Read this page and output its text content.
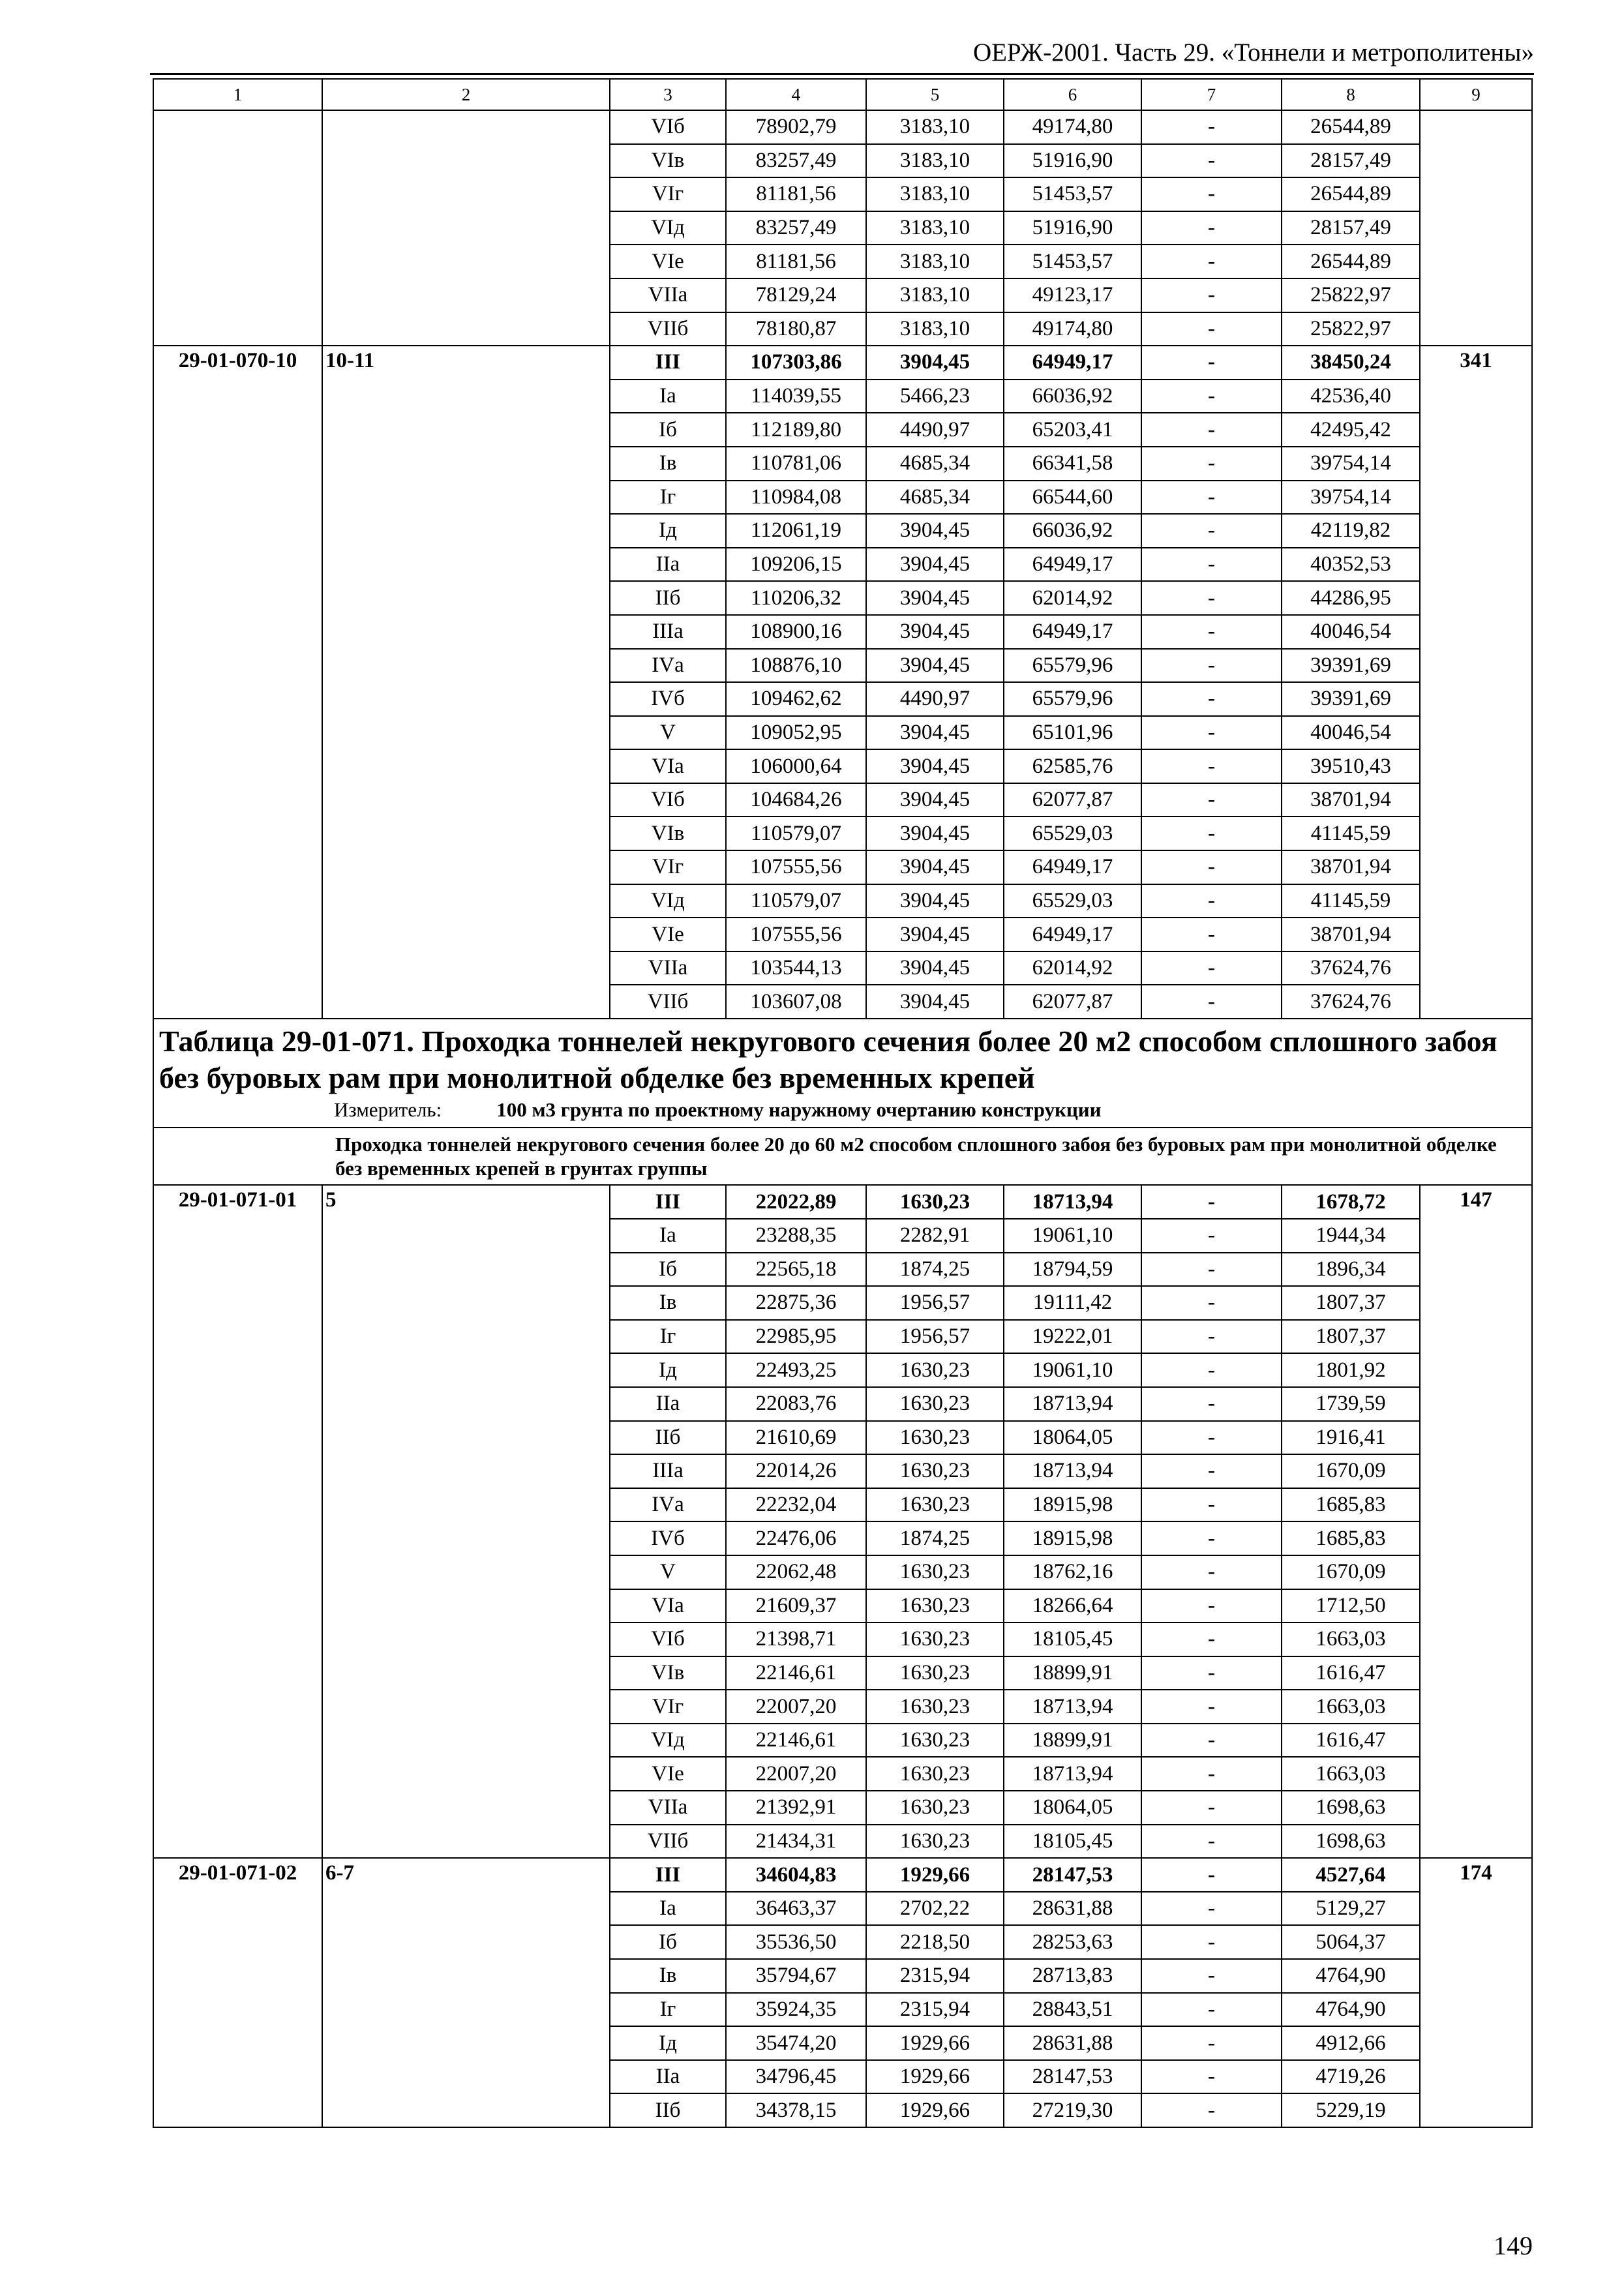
ОЕРЖ-2001. Часть 29. «Тоннели и метрополитены»
1	2	3	4	5	6	7	8	9
		VIб	78902,79	3183,10	49174,80	-	26544,89	
		VIв	83257,49	3183,10	51916,90	-	28157,49	
		VIг	81181,56	3183,10	51453,57	-	26544,89	
		VIд	83257,49	3183,10	51916,90	-	28157,49	
		VIе	81181,56	3183,10	51453,57	-	26544,89	
		VIIа	78129,24	3183,10	49123,17	-	25822,97	
		VIIб	78180,87	3183,10	49174,80	-	25822,97	
29-01-070-10	10-11	III	107303,86	3904,45	64949,17	-	38450,24	341
		Iа	114039,55	5466,23	66036,92	-	42536,40	
		Iб	112189,80	4490,97	65203,41	-	42495,42	
		Iв	110781,06	4685,34	66341,58	-	39754,14	
		Iг	110984,08	4685,34	66544,60	-	39754,14	
		Iд	112061,19	3904,45	66036,92	-	42119,82	
		IIа	109206,15	3904,45	64949,17	-	40352,53	
		IIб	110206,32	3904,45	62014,92	-	44286,95	
		IIIа	108900,16	3904,45	64949,17	-	40046,54	
		IVа	108876,10	3904,45	65579,96	-	39391,69	
		IVб	109462,62	4490,97	65579,96	-	39391,69	
		V	109052,95	3904,45	65101,96	-	40046,54	
		VIа	106000,64	3904,45	62585,76	-	39510,43	
		VIб	104684,26	3904,45	62077,87	-	38701,94	
		VIв	110579,07	3904,45	65529,03	-	41145,59	
		VIг	107555,56	3904,45	64949,17	-	38701,94	
		VIд	110579,07	3904,45	65529,03	-	41145,59	
		VIе	107555,56	3904,45	64949,17	-	38701,94	
		VIIа	103544,13	3904,45	62014,92	-	37624,76	
		VIIб	103607,08	3904,45	62077,87	-	37624,76	

Таблица 29-01-071. Проходка тоннелей некругового сечения более 20 м2 способом сплошного забоя без буровых рам при монолитной обделке без временных крепей
Измеритель: 100 м3 грунта по проектному наружному очертанию конструкции								

Проходка тоннелей некругового сечения более 20 до 60 м2 способом сплошного забоя без буровых рам при монолитной обделке без временных крепей в грунтах группы								
29-01-071-01	5	III	22022,89	1630,23	18713,94	-	1678,72	147
		Iа	23288,35	2282,91	19061,10	-	1944,34	
		Iб	22565,18	1874,25	18794,59	-	1896,34	
		Iв	22875,36	1956,57	19111,42	-	1807,37	
		Iг	22985,95	1956,57	19222,01	-	1807,37	
		Iд	22493,25	1630,23	19061,10	-	1801,92	
		IIа	22083,76	1630,23	18713,94	-	1739,59	
		IIб	21610,69	1630,23	18064,05	-	1916,41	
		IIIа	22014,26	1630,23	18713,94	-	1670,09	
		IVа	22232,04	1630,23	18915,98	-	1685,83	
		IVб	22476,06	1874,25	18915,98	-	1685,83	
		V	22062,48	1630,23	18762,16	-	1670,09	
		VIа	21609,37	1630,23	18266,64	-	1712,50	
		VIб	21398,71	1630,23	18105,45	-	1663,03	
		VIв	22146,61	1630,23	18899,91	-	1616,47	
		VIг	22007,20	1630,23	18713,94	-	1663,03	
		VIд	22146,61	1630,23	18899,91	-	1616,47	
		VIе	22007,20	1630,23	18713,94	-	1663,03	
		VIIа	21392,91	1630,23	18064,05	-	1698,63	
		VIIб	21434,31	1630,23	18105,45	-	1698,63	
29-01-071-02	6-7	III	34604,83	1929,66	28147,53	-	4527,64	174
		Iа	36463,37	2702,22	28631,88	-	5129,27	
		Iб	35536,50	2218,50	28253,63	-	5064,37	
		Iв	35794,67	2315,94	28713,83	-	4764,90	
		Iг	35924,35	2315,94	28843,51	-	4764,90	
		Iд	35474,20	1929,66	28631,88	-	4912,66	
		IIа	34796,45	1929,66	28147,53	-	4719,26	
		IIб	34378,15	1929,66	27219,30	-	5229,19	
149
